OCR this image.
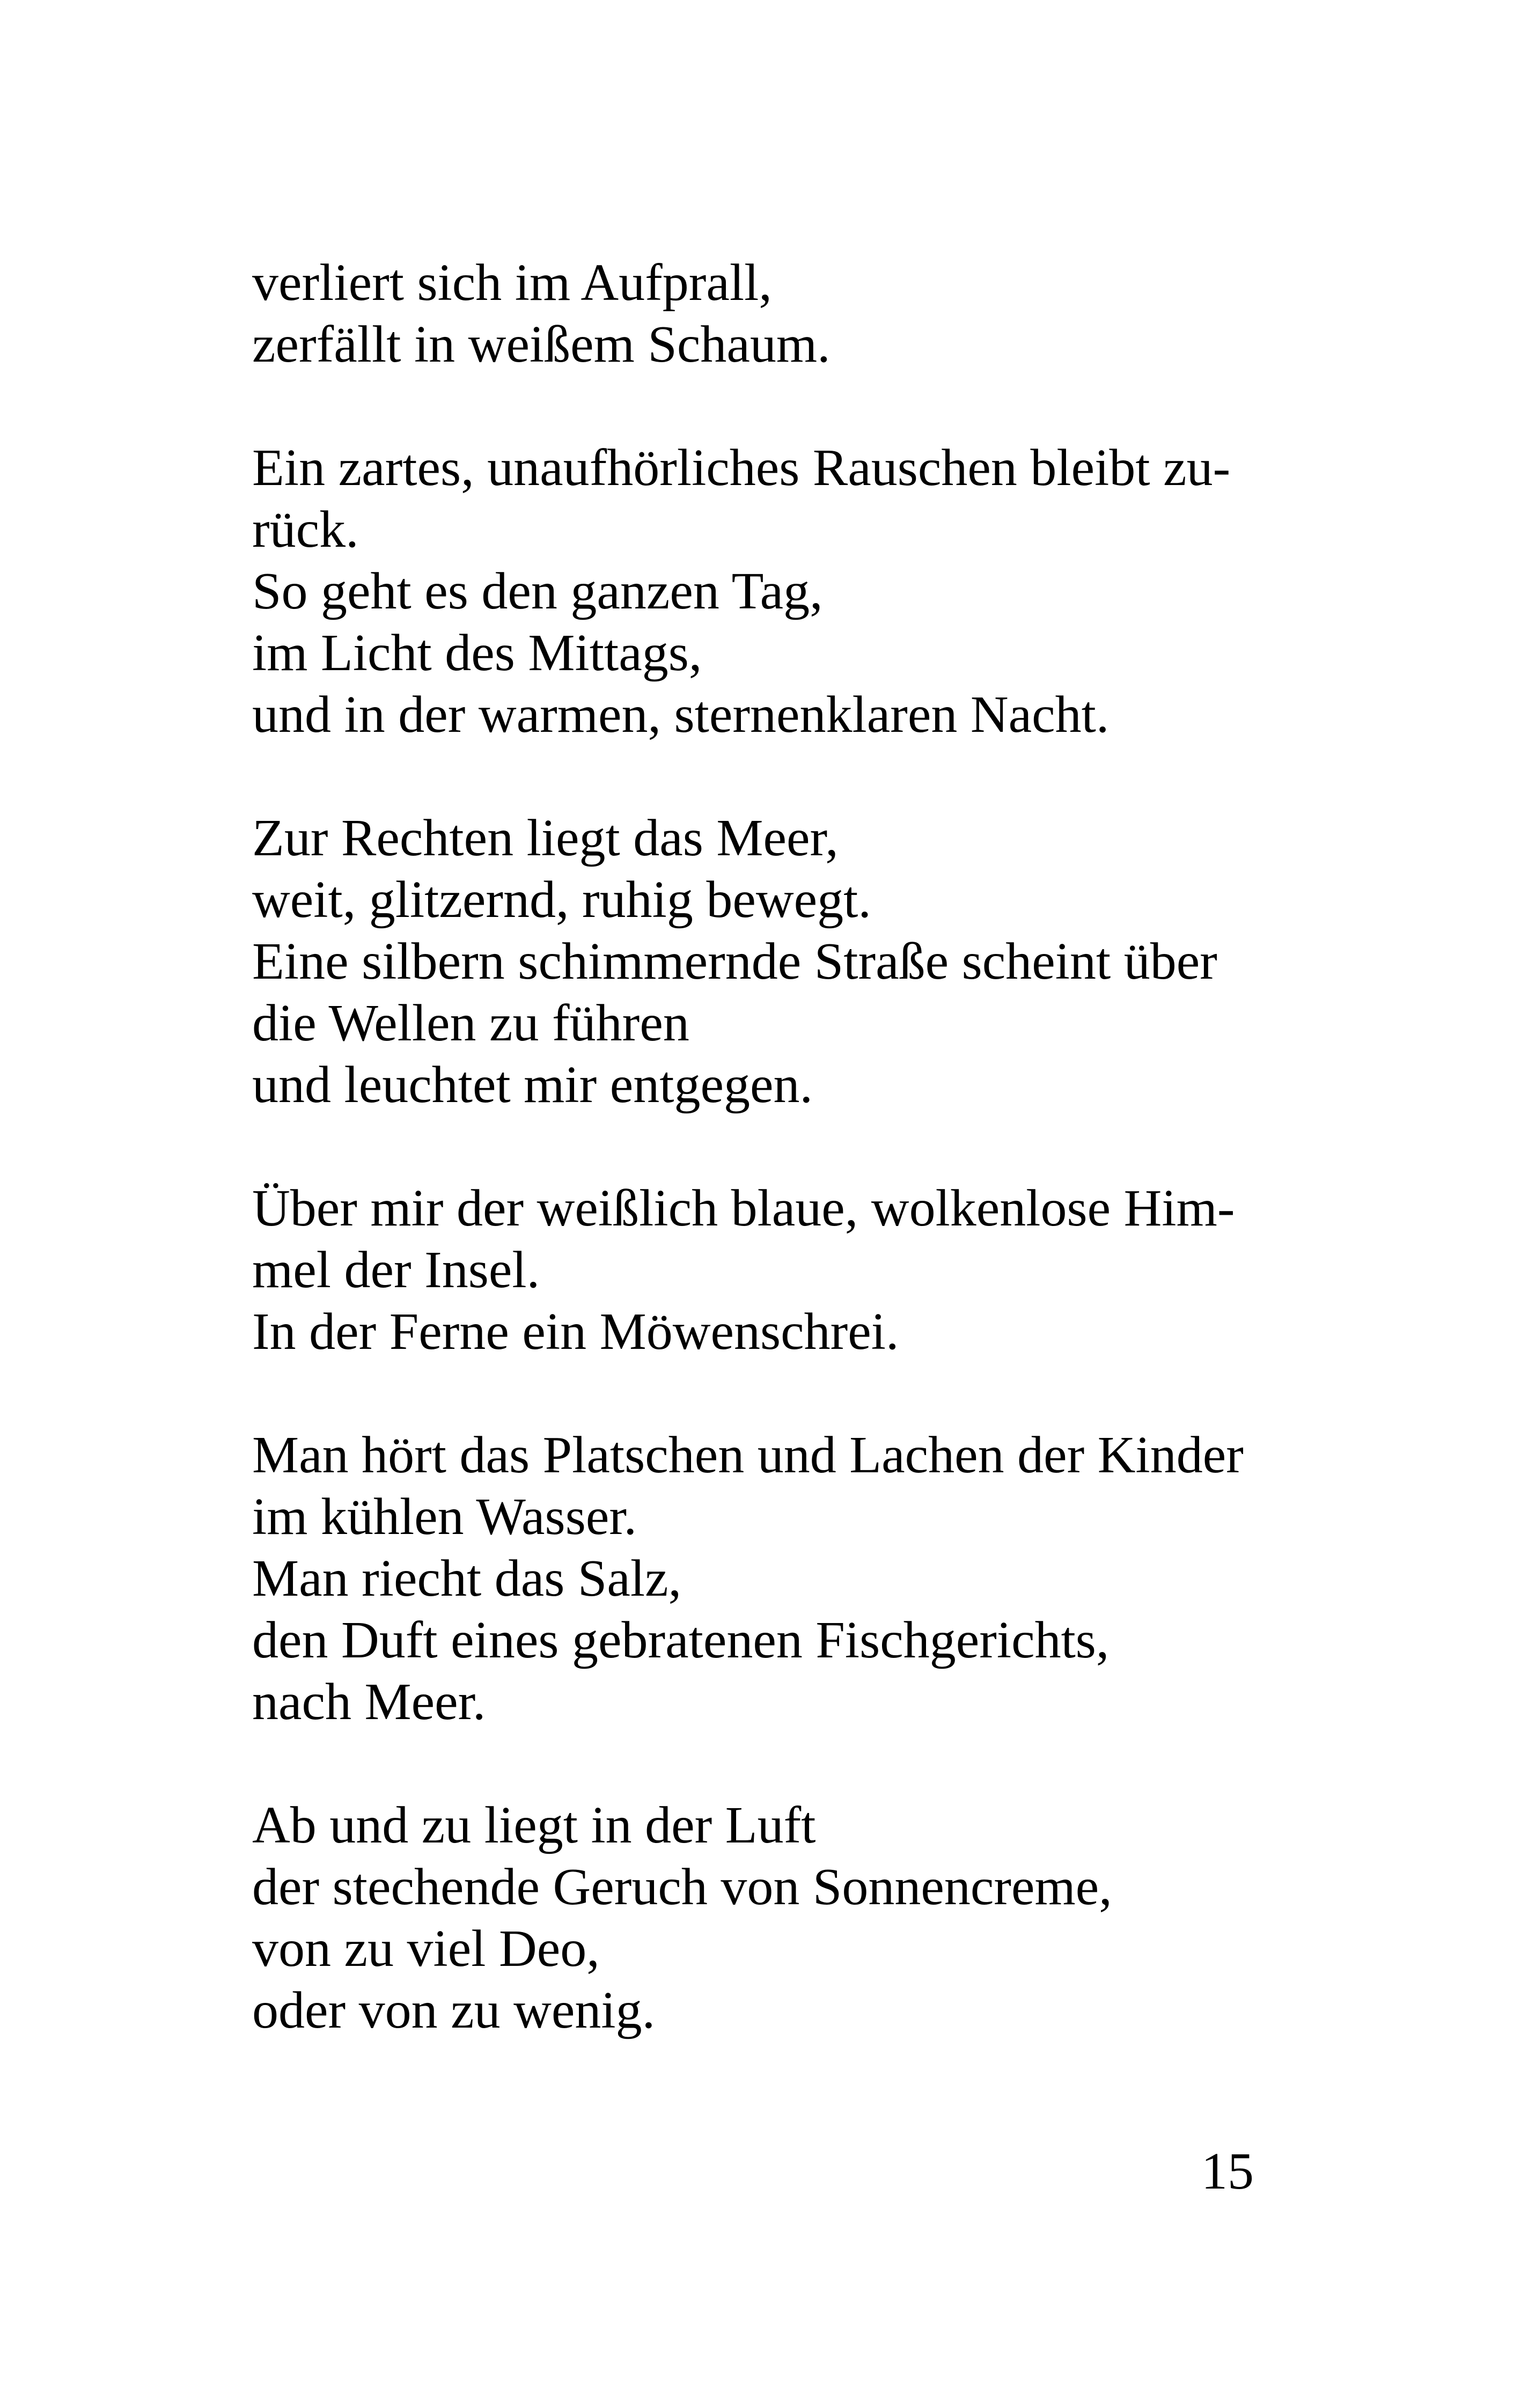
verliert sich im Aufprall,
zerfällt in weißem Schaum.
Ein zartes, unaufhörliches Rauschen bleibt zu-
rück.
So geht es den ganzen Tag,
im Licht des Mittags,
und in der warmen, sternenklaren Nacht.
Zur Rechten liegt das Meer,
weit, glitzernd, ruhig bewegt.
Eine silbern schimmernde Straße scheint über
die Wellen zu führen
und leuchtet mir entgegen.
Über mir der weißlich blaue, wolkenlose Him-
mel der Insel.
In der Ferne ein Möwenschrei.
Man hört das Platschen und Lachen der Kinder
im kühlen Wasser.
Man riecht das Salz,
den Duft eines gebratenen Fischgerichts,
nach Meer.
Ab und zu liegt in der Luft
der stechende Geruch von Sonnencreme,
von zu viel Deo,
oder von zu wenig.
15
